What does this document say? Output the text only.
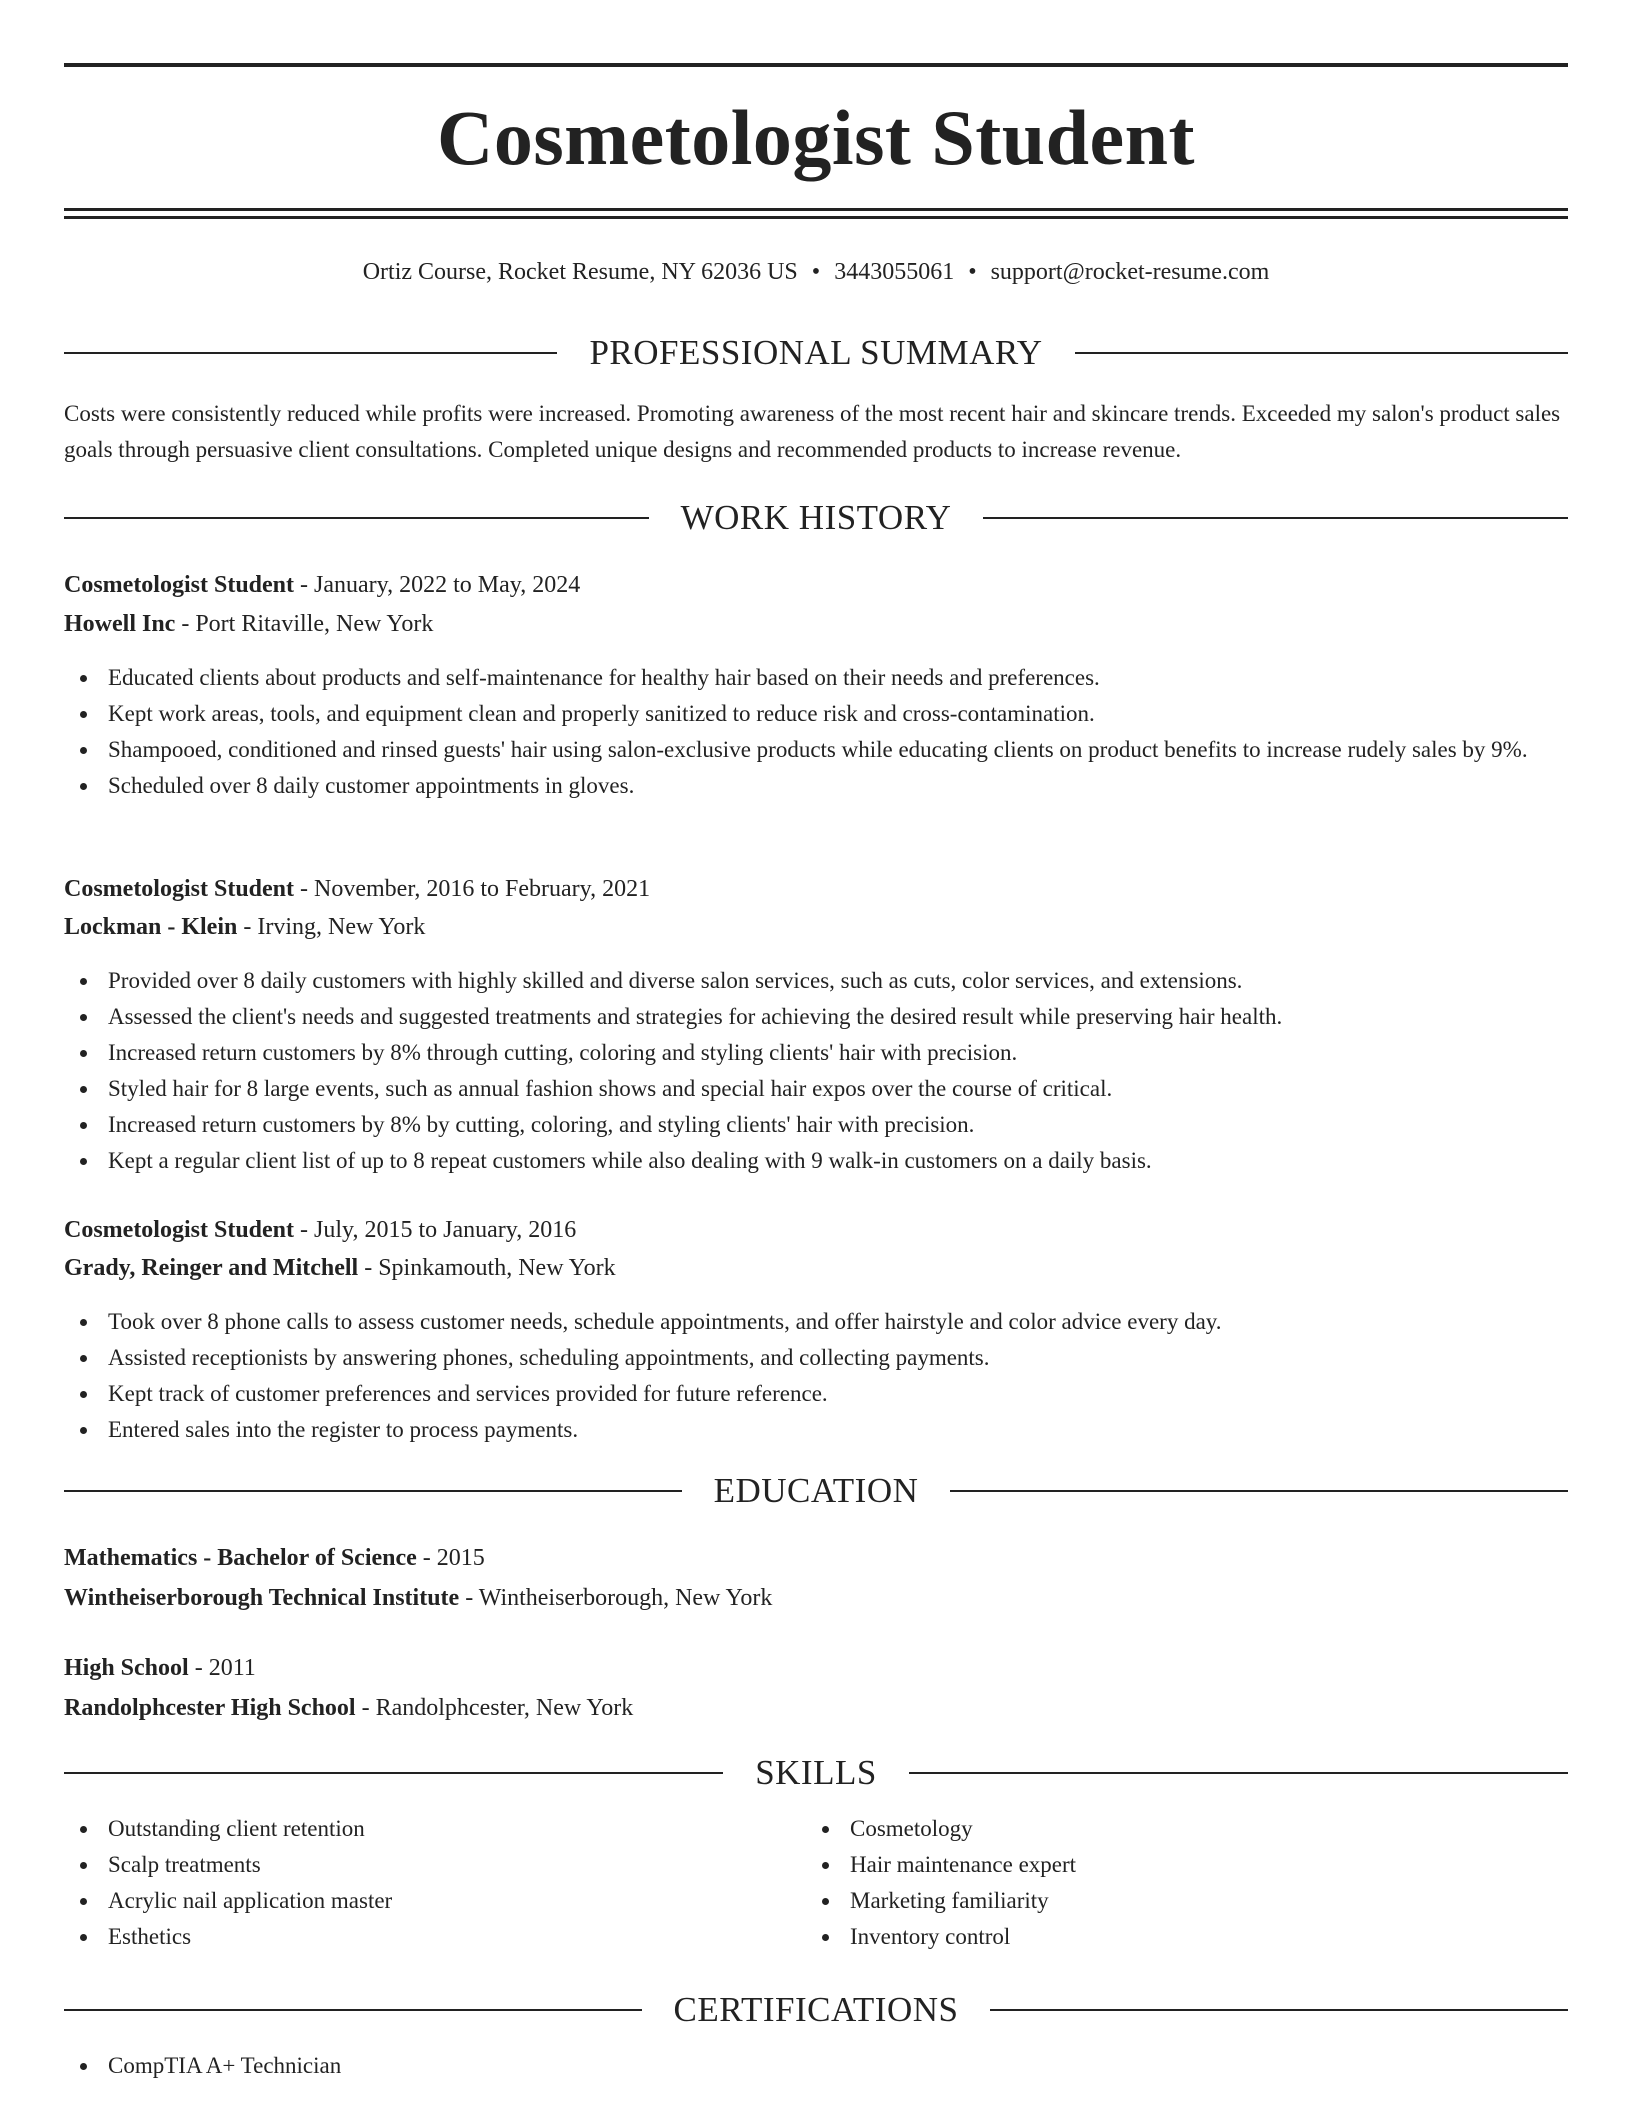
Cosmetologist Student
Ortiz Course, Rocket Resume, NY 62036 US • 3443055061 • support@rocket-resume.com
PROFESSIONAL SUMMARY

Costs were consistently reduced while profits were increased. Promoting awareness of the most recent hair and skincare trends. Exceeded my salon's product sales goals through persuasive client consultations. Completed unique designs and recommended products to increase revenue.

WORK HISTORY
Cosmetologist Student - January, 2022 to May, 2024
Howell Inc - Port Ritaville, New York
Educated clients about products and self-maintenance for healthy hair based on their needs and preferences.
Kept work areas, tools, and equipment clean and properly sanitized to reduce risk and cross-contamination.
Shampooed, conditioned and rinsed guests' hair using salon-exclusive products while educating clients on product benefits to increase rudely sales by 9%.
Scheduled over 8 daily customer appointments in gloves.
Cosmetologist Student - November, 2016 to February, 2021
Lockman - Klein - Irving, New York
Provided over 8 daily customers with highly skilled and diverse salon services, such as cuts, color services, and extensions.
Assessed the client's needs and suggested treatments and strategies for achieving the desired result while preserving hair health.
Increased return customers by 8% through cutting, coloring and styling clients' hair with precision.
Styled hair for 8 large events, such as annual fashion shows and special hair expos over the course of critical.
Increased return customers by 8% by cutting, coloring, and styling clients' hair with precision.
Kept a regular client list of up to 8 repeat customers while also dealing with 9 walk-in customers on a daily basis.
Cosmetologist Student - July, 2015 to January, 2016
Grady, Reinger and Mitchell - Spinkamouth, New York
Took over 8 phone calls to assess customer needs, schedule appointments, and offer hairstyle and color advice every day.
Assisted receptionists by answering phones, scheduling appointments, and collecting payments.
Kept track of customer preferences and services provided for future reference.
Entered sales into the register to process payments.
EDUCATION
Mathematics - Bachelor of Science - 2015
Wintheiserborough Technical Institute - Wintheiserborough, New York
High School - 2011
Randolphcester High School - Randolphcester, New York
SKILLS
Outstanding client retention
Scalp treatments
Acrylic nail application master
Esthetics
Cosmetology
Hair maintenance expert
Marketing familiarity
Inventory control
CERTIFICATIONS
CompTIA A+ Technician
